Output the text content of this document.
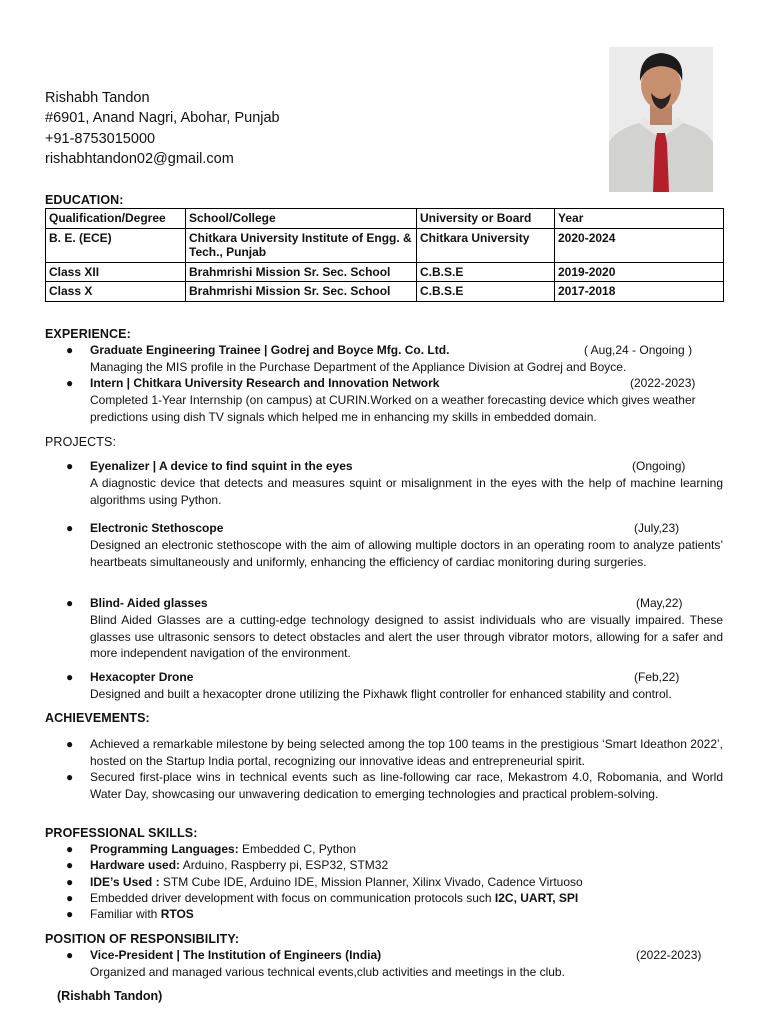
Rishabh Tandon
#6901, Anand Nagri, Abohar, Punjab
+91-8753015000
rishabhtandon02@gmail.com
EDUCATION:
Qualification/Degree	School/College	University or Board	Year
B. E. (ECE)	Chitkara University Institute of Engg. & Tech., Punjab	Chitkara University	2020-2024
Class XII	Brahmrishi Mission Sr. Sec. School	C.B.S.E	2019-2020
Class X	Brahmrishi Mission Sr. Sec. School	C.B.S.E	2017-2018
EXPERIENCE:
● Graduate Engineering Trainee | Godrej and Boyce Mfg. Co. Ltd.	( Aug,24 - Ongoing )

Managing the MIS profile in the Purchase Department of the Appliance Division at Godrej and Boyce.

● Intern | Chitkara University Research and Innovation Network	(2022-2023)

Completed 1-Year Internship (on campus) at CURIN.Worked on a weather forecasting device which gives weather predictions using dish TV signals which helped me in enhancing my skills in embedded domain.

PROJECTS:
● Eyenalizer | A device to find squint in the eyes	(Ongoing)

A diagnostic device that detects and measures squint or misalignment in the eyes with the help of machine learning algorithms using Python.

● Electronic Stethoscope	(July,23)

Designed an electronic stethoscope with the aim of allowing multiple doctors in an operating room to analyze patients’ heartbeats simultaneously and uniformly, enhancing the efficiency of cardiac monitoring during surgeries.

● Blind- Aided glasses	(May,22)

Blind Aided Glasses are a cutting-edge technology designed to assist individuals who are visually impaired. These glasses use ultrasonic sensors to detect obstacles and alert the user through vibrator motors, allowing for a safer and more independent navigation of the environment.

● Hexacopter Drone	(Feb,22)

Designed and built a hexacopter drone utilizing the Pixhawk flight controller for enhanced stability and control.

ACHIEVEMENTS:
● Achieved a remarkable milestone by being selected among the top 100 teams in the prestigious ‘Smart Ideathon 2022’, hosted on the Startup India portal, recognizing our innovative ideas and entrepreneurial spirit.

● Secured first-place wins in technical events such as line-following car race, Mekastrom 4.0, Robomania, and World Water Day, showcasing our unwavering dedication to emerging technologies and practical problem-solving.

PROFESSIONAL SKILLS:
● Programming Languages: Embedded C, Python
● Hardware used: Arduino, Raspberry pi, ESP32, STM32
● IDE’s Used : STM Cube IDE, Arduino IDE, Mission Planner, Xilinx Vivado, Cadence Virtuoso
● Embedded driver development with focus on communication protocols such I2C, UART, SPI
● Familiar with RTOS
POSITION OF RESPONSIBILITY:
● Vice-President | The Institution of Engineers (India)	(2022-2023)

Organized and managed various technical events,club activities and meetings in the club.

(Rishabh Tandon)
